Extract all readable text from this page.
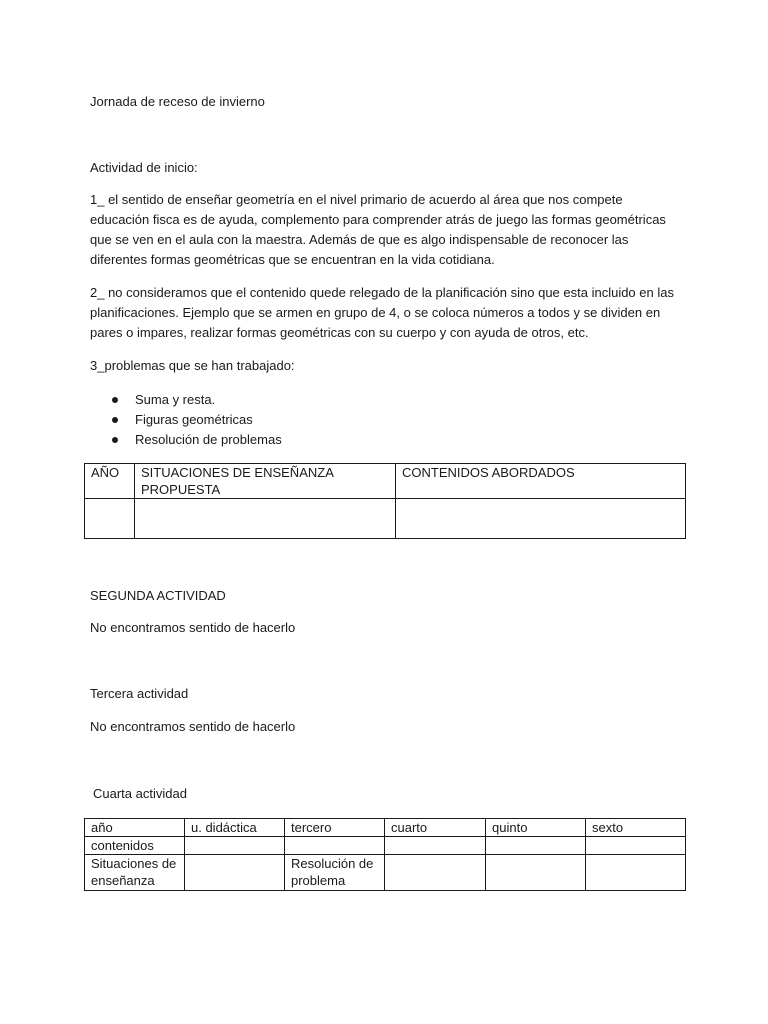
Jornada de receso de invierno
Actividad de inicio:

1_ el sentido de enseñar geometría en el nivel primario de acuerdo al área que nos compete educación fisca es de ayuda, complemento para comprender atrás de juego las formas geométricas que se ven en el aula con la maestra. Además de que es algo indispensable de reconocer las diferentes formas geométricas que se encuentran en la vida cotidiana.

2_ no consideramos que el contenido quede relegado de la planificación sino que esta incluido en las planificaciones. Ejemplo que se armen en grupo de 4, o se coloca números a todos y se dividen en pares o impares, realizar formas geométricas con su cuerpo y con ayuda de otros, etc.

3_problemas que se han trabajado:
Suma y resta.
Figuras geométricas
Resolución de problemas
AÑO	SITUACIONES DE ENSEÑANZA PROPUESTA	CONTENIDOS ABORDADOS

SEGUNDA ACTIVIDAD
No encontramos sentido de hacerlo
Tercera actividad
No encontramos sentido de hacerlo
Cuarta actividad
año	u. didáctica	tercero	cuarto	quinto	sexto
contenidos					
Situaciones de enseñanza		Resolución de problema			
